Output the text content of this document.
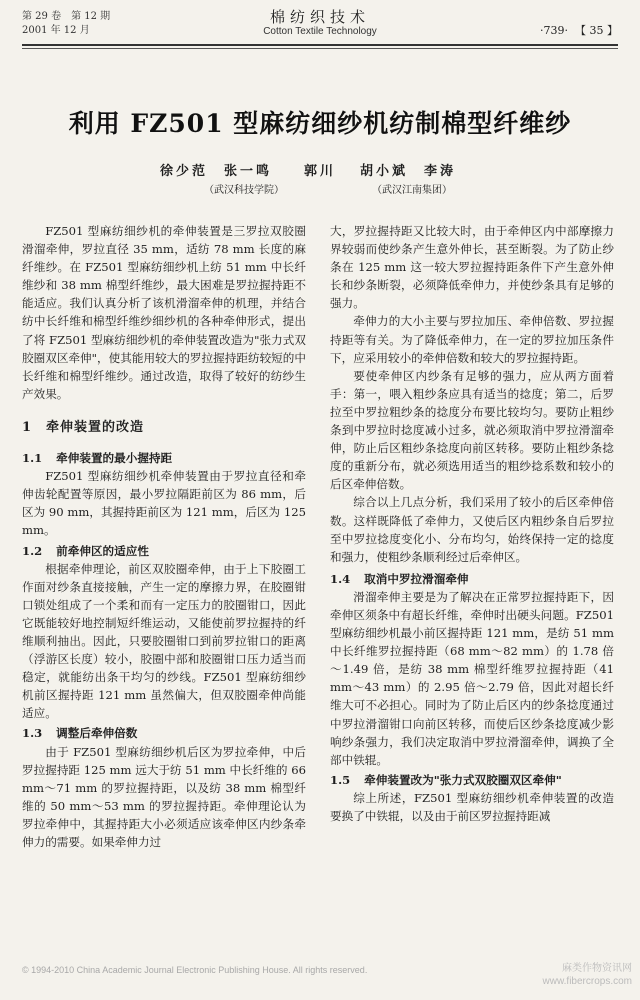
第 29 卷　第 12 期
2001 年 12 月
棉纺织技术
Cotton Textile Technology	·739·  【 35 】
利用 FZ501 型麻纺细纱机纺制棉型纤维纱
徐少范　张一鸣　　郭川
（武汉科技学院）
胡小斌　李涛
（武汉江南集团）

FZ501 型麻纺细纱机的牵伸装置是三罗拉双胶圈滑溜牵伸，罗拉直径 35 mm，适纺 78 mm 长度的麻纤维纱。在 FZ501 型麻纺细纱机上纺 51 mm 中长纤维纱和 38 mm 棉型纤维纱，最大困难是罗拉握持距不能适应。我们认真分析了该机滑溜牵伸的机理，并结合纺中长纤维和棉型纤维纱细纱机的各种牵伸形式，提出了将 FZ501 型麻纺细纱机的牵伸装置改造为"张力式双胶圈双区牵伸"，使其能用较大的罗拉握持距纺较短的中长纤维和棉型纤维纱。通过改造，取得了较好的纺纱生产效果。

1　牵伸装置的改造
1.1 牵伸装置的最小握持距

FZ501 型麻纺细纱机牵伸装置由于罗拉直径和牵伸齿轮配置等原因，最小罗拉隔距前区为 86 mm，后区为 90 mm，其握持距前区为 121 mm，后区为 125 mm。

1.2 前牵伸区的适应性

根据牵伸理论，前区双胶圈牵伸，由于上下胶圈工作面对纱条直接接触，产生一定的摩擦力界，在胶圈钳口锁处组成了一个柔和而有一定压力的胶圈钳口，因此它既能较好地控制短纤维运动，又能使前罗拉握持的纤维顺利抽出。因此，只要胶圈钳口到前罗拉钳口的距离（浮游区长度）较小，胶圈中部和胶圈钳口压力适当而稳定，就能纺出条干均匀的纱线。FZ501 型麻纺细纱机前区握持距 121 mm 虽然偏大，但双胶圈牵伸尚能适应。

1.3 调整后牵伸倍数

由于 FZ501 型麻纺细纱机后区为罗拉牵伸，中后罗拉握持距 125 mm 远大于纺 51 mm 中长纤维的 66 mm～71 mm 的罗拉握持距，以及纺 38 mm 棉型纤维的 50 mm～53 mm 的罗拉握持距。牵伸理论认为罗拉牵伸中，其握持距大小必须适应该牵伸区内纱条牵伸力的需要。如果牵伸力过

大，罗拉握持距又比较大时，由于牵伸区内中部摩擦力界较弱而使纱条产生意外伸长，甚至断裂。为了防止纱条在 125 mm 这一较大罗拉握持距条件下产生意外伸长和纱条断裂，必须降低牵伸力，并使纱条具有足够的强力。

牵伸力的大小主要与罗拉加压、牵伸倍数、罗拉握持距等有关。为了降低牵伸力，在一定的罗拉加压条件下，应采用较小的牵伸倍数和较大的罗拉握持距。

要使牵伸区内纱条有足够的强力，应从两方面着手：第一，喂入粗纱条应具有适当的捻度；第二，后罗拉至中罗拉粗纱条的捻度分布要比较均匀。要防止粗纱条到中罗拉时捻度减小过多，就必须取消中罗拉滑溜牵伸，防止后区粗纱条捻度向前区转移。要防止粗纱条捻度的重新分布，就必须选用适当的粗纱捻系数和较小的后区牵伸倍数。

综合以上几点分析，我们采用了较小的后区牵伸倍数。这样既降低了牵伸力，又使后区内粗纱条自后罗拉至中罗拉捻度变化小、分布均匀，始终保持一定的捻度和强力，使粗纱条顺利经过后牵伸区。

1.4 取消中罗拉滑溜牵伸

滑溜牵伸主要是为了解决在正常罗拉握持距下，因牵伸区须条中有超长纤维，牵伸时出硬头问题。FZ501 型麻纺细纱机最小前区握持距 121 mm，是纺 51 mm 中长纤维罗拉握持距（68 mm～82 mm）的 1.78 倍～1.49 倍，是纺 38 mm 棉型纤维罗拉握持距（41 mm～43 mm）的 2.95 倍～2.79 倍，因此对超长纤维大可不必担心。同时为了防止后区内的纱条捻度通过中罗拉滑溜钳口向前区转移，而使后区纱条捻度减少影响纱条强力，我们决定取消中罗拉滑溜牵伸，调换了全部中铁辊。

1.5 牵伸装置改为"张力式双胶圈双区牵伸"

综上所述，FZ501 型麻纺细纱机牵伸装置的改造要换了中铁辊，以及由于前区罗拉握持距减

© 1994-2010 China Academic Journal Electronic Publishing House. All rights reserved.	麻类作物资讯网
www.fibercrops.com
